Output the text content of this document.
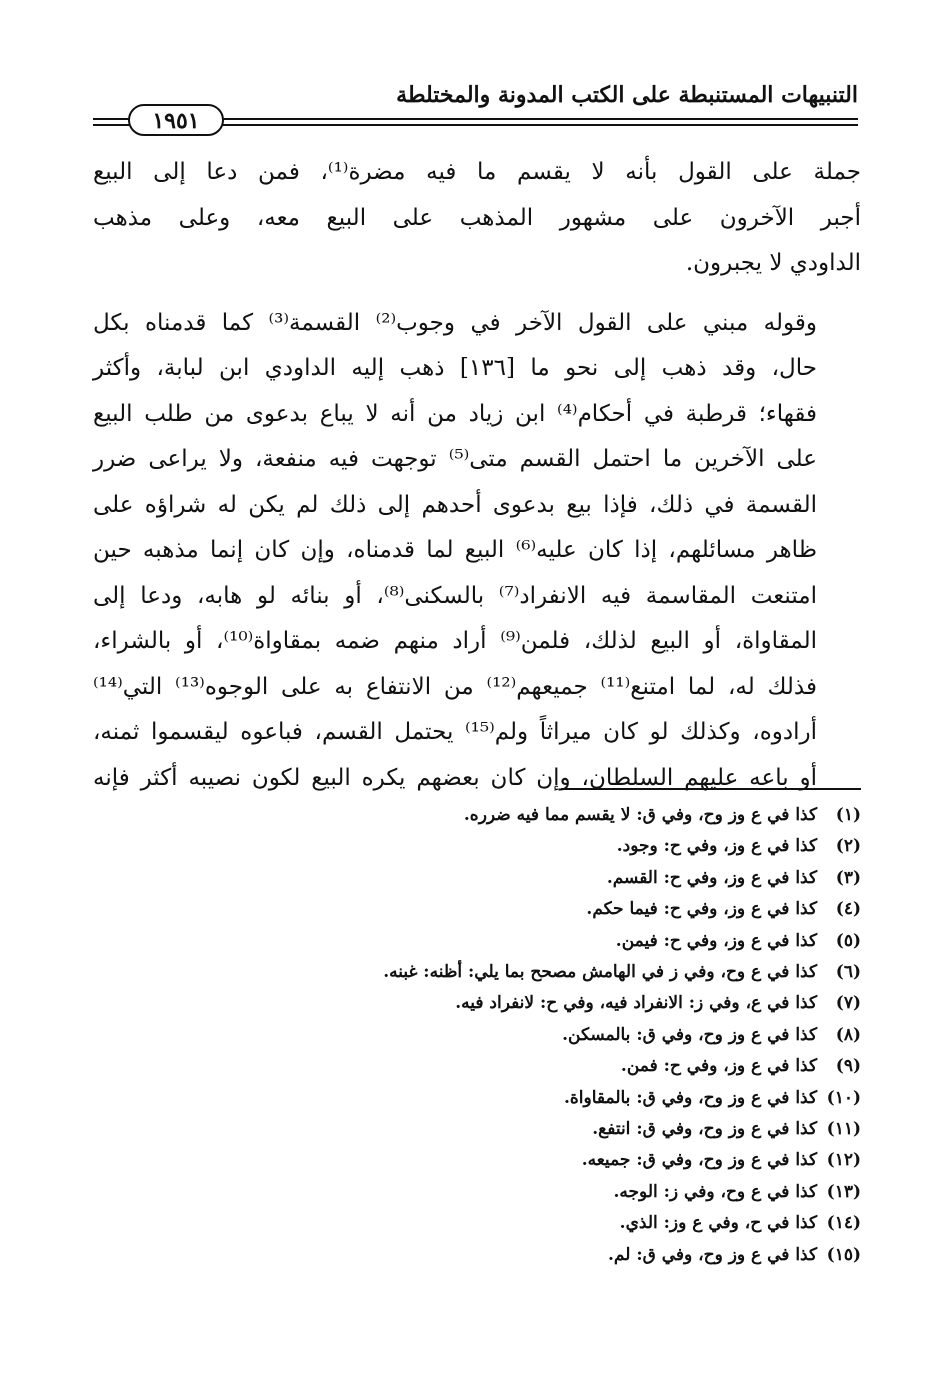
التنبيهات المستنبطة على الكتب المدونة والمختلطة
١٩٥١

جملة على القول بأنه لا يقسم ما فيه مضرة⁽¹⁾، فمن دعا إلى البيع
أجبر الآخرون على مشهور المذهب على البيع معه، وعلى مذهب
الداودي لا يجبرون.

وقوله مبني على القول الآخر في وجوب⁽²⁾ القسمة⁽³⁾ كما قدمناه بكل
حال، وقد ذهب إلى نحو ما [١٣٦] ذهب إليه الداودي ابن لبابة، وأكثر
فقهاء؛ قرطبة في أحكام⁽⁴⁾ ابن زياد من أنه لا يباع بدعوى من طلب البيع
على الآخرين ما احتمل القسم متى⁽⁵⁾ توجهت فيه منفعة، ولا يراعى ضرر
القسمة في ذلك، فإذا بيع بدعوى أحدهم إلى ذلك لم يكن له شراؤه على
ظاهر مسائلهم، إذا كان عليه⁽⁶⁾ البيع لما قدمناه، وإن كان إنما مذهبه حين
امتنعت المقاسمة فيه الانفراد⁽⁷⁾ بالسكنى⁽⁸⁾، أو بنائه لو هابه، ودعا إلى
المقاواة، أو البيع لذلك، فلمن⁽⁹⁾ أراد منهم ضمه بمقاواة⁽¹⁰⁾، أو بالشراء،
فذلك له، لما امتنع⁽¹¹⁾ جميعهم⁽¹²⁾ من الانتفاع به على الوجوه⁽¹³⁾ التي⁽¹⁴⁾
أرادوه، وكذلك لو كان ميراثاً ولم⁽¹⁵⁾ يحتمل القسم، فباعوه ليقسموا ثمنه،
أو باعه عليهم السلطان، وإن كان بعضهم يكره البيع لكون نصيبه أكثر فإنه

(١) كذا في ع وز وح، وفي ق: لا يقسم مما فيه ضرره.
(٢) كذا في ع وز، وفي ح: وجود.
(٣) كذا في ع وز، وفي ح: القسم.
(٤) كذا في ع وز، وفي ح: فيما حكم.
(٥) كذا في ع وز، وفي ح: فيمن.
(٦) كذا في ع وح، وفي ز في الهامش مصحح بما يلي: أظنه: غبنه.
(٧) كذا في ع، وفي ز: الانفراد فيه، وفي ح: لانفراد فيه.
(٨) كذا في ع وز وح، وفي ق: بالمسكن.
(٩) كذا في ع وز، وفي ح: فمن.
(١٠) كذا في ع وز وح، وفي ق: بالمقاواة.
(١١) كذا في ع وز وح، وفي ق: انتفع.
(١٢) كذا في ع وز وح، وفي ق: جميعه.
(١٣) كذا في ع وح، وفي ز: الوجه.
(١٤) كذا في ح، وفي ع وز: الذي.
(١٥) كذا في ع وز وح، وفي ق: لم.
